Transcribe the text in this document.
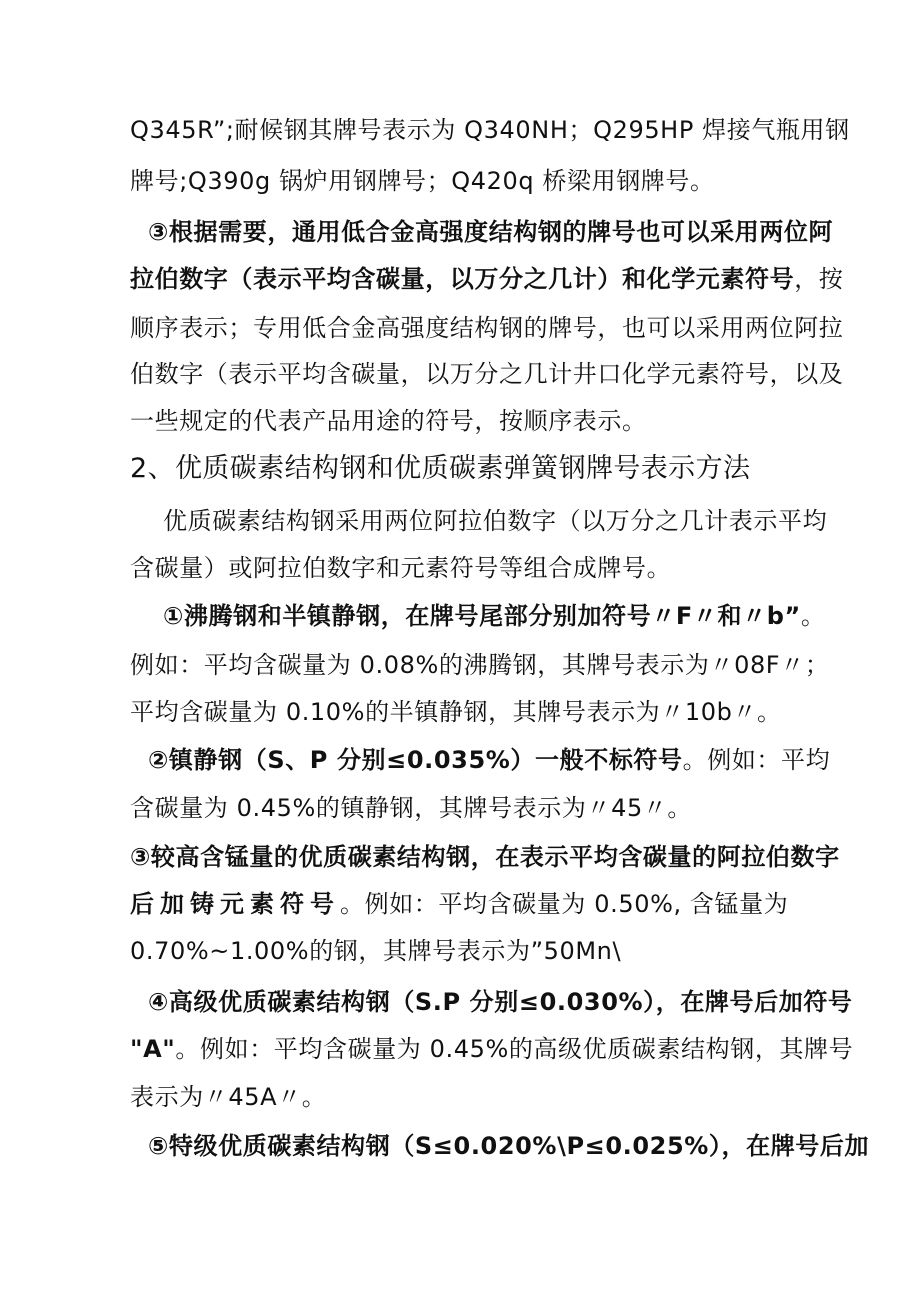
Q345R”;耐候钢其牌号表示为 Q340NH；Q295HP 焊接气瓶用钢
牌号;Q390g 锅炉用钢牌号；Q420q 桥梁用钢牌号。
③根据需要，通用低合金高强度结构钢的牌号也可以采用两位阿
拉伯数字（表示平均含碳量，以万分之几计）和化学元素符号，按
顺序表示；专用低合金高强度结构钢的牌号，也可以采用两位阿拉
伯数字（表示平均含碳量，以万分之几计井口化学元素符号，以及
一些规定的代表产品用途的符号，按顺序表示。
2、优质碳素结构钢和优质碳素弹簧钢牌号表示方法
优质碳素结构钢采用两位阿拉伯数字（以万分之几计表示平均
含碳量）或阿拉伯数字和元素符号等组合成牌号。
①沸腾钢和半镇静钢，在牌号尾部分别加符号〃F〃和〃b”。
例如：平均含碳量为 0.08%的沸腾钢，其牌号表示为〃08F〃；
平均含碳量为 0.10%的半镇静钢，其牌号表示为〃10b〃。
②镇静钢（S、P 分别≤0.035%）一般不标符号。例如：平均
含碳量为 0.45%的镇静钢，其牌号表示为〃45〃。
③较高含锰量的优质碳素结构钢，在表示平均含碳量的阿拉伯数字
后加铸元素符号。例如：平均含碳量为 0.50%, 含锰量为
0.70%~1.00%的钢，其牌号表示为”50Mn\
④高级优质碳素结构钢（S.P 分别≤0.030%），在牌号后加符号
"A"。例如：平均含碳量为 0.45%的高级优质碳素结构钢，其牌号
表示为〃45A〃。
⑤特级优质碳素结构钢（S≤0.020%\P≤0.025%），在牌号后加
